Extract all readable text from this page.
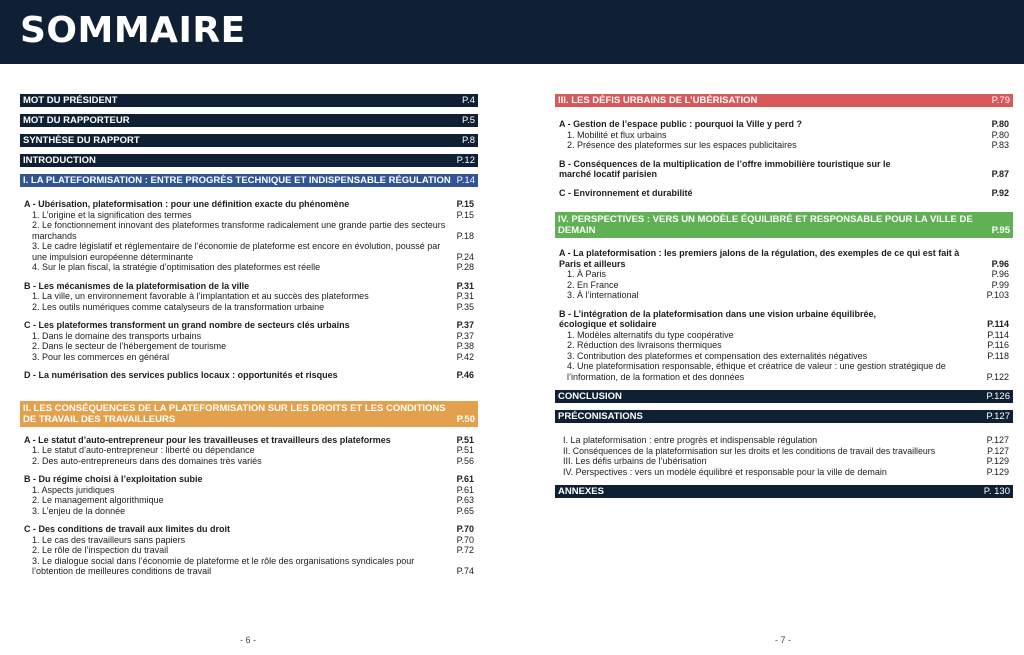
SOMMAIRE
MOT DU PRÉSIDENT	P.4
MOT DU RAPPORTEUR	P.5
SYNTHÈSE DU RAPPORT	P.8
INTRODUCTION	P.12
I. LA PLATEFORMISATION : ENTRE PROGRÈS TECHNIQUE ET INDISPENSABLE RÉGULATION P.14
A - Ubérisation, plateformisation : pour une définition exacte du phénomène	P.15
1. L’origine et la signification des termes	P.15
2. Le fonctionnement innovant des plateformes transforme radicalement une grande partie des secteurs marchands	P.18
3. Le cadre législatif et réglementaire de l’économie de plateforme est encore en évolution, poussé par une impulsion européenne déterminante	P.24
4. Sur le plan fiscal, la stratégie d’optimisation des plateformes est réelle	P.28
B - Les mécanismes de la plateformisation de la ville	P.31
1. La ville, un environnement favorable à l’implantation et au succès des plateformes	P.31
2. Les outils numériques comme catalyseurs de la transformation urbaine	P.35
C - Les plateformes transforment un grand nombre de secteurs clés urbains	P.37
1. Dans le domaine des transports urbains	P.37
2. Dans le secteur de l’hébergement de tourisme	P.38
3. Pour les commerces en général	P.42
D - La numérisation des services publics locaux : opportunités et risques	P.46
II. LES CONSÉQUENCES DE LA PLATEFORMISATION SUR LES DROITS ET LES CONDITIONS DE TRAVAIL DES TRAVAILLEURS	P.50
A - Le statut d’auto-entrepreneur pour les travailleuses et travailleurs des plateformes	P.51
1. Le statut d’auto-entrepreneur : liberté ou dépendance	P.51
2. Des auto-entrepreneurs dans des domaines très variés	P.56
B - Du régime choisi à l’exploitation subie	P.61
1. Aspects juridiques	P.61
2. Le management algorithmique	P.63
3. L’enjeu de la donnée	P.65
C - Des conditions de travail aux limites du droit	P.70
1. Le cas des travailleurs sans papiers	P.70
2. Le rôle de l’inspection du travail	P.72
3. Le dialogue social dans l’économie de plateforme et le rôle des organisations syndicales pour l’obtention de meilleures conditions de travail	P.74
III. LES DÉFIS URBAINS DE L’UBÉRISATION	P.79
A - Gestion de l’espace public : pourquoi la Ville y perd ?	P.80
1. Mobilité et flux urbains	P.80
2. Présence des plateformes sur les espaces publicitaires	P.83
B - Conséquences de la multiplication de l’offre immobilière touristique sur le marché locatif parisien	P.87
C - Environnement et durabilité	P.92
IV. PERSPECTIVES : VERS UN MODÈLE ÉQUILIBRÉ ET RESPONSABLE POUR LA VILLE DE DEMAIN	P.95
A - La plateformisation : les premiers jalons de la régulation, des exemples de ce qui est fait à Paris et ailleurs	P.96
1. À Paris	P.96
2. En France	P.99
3. À l’international	P.103
B - L’intégration de la plateformisation dans une vision urbaine équilibrée, écologique et solidaire	P.114
1. Modèles alternatifs du type coopérative	P.114
2. Réduction des livraisons thermiques	P.116
3. Contribution des plateformes et compensation des externalités négatives	P.118
4. Une plateformisation responsable, éthique et créatrice de valeur : une gestion stratégique de l’information, de la formation et des données	P.122
CONCLUSION	P.126
PRÉCONISATIONS	P.127
I. La plateformisation : entre progrès et indispensable régulation	P.127
II. Conséquences de la plateformisation sur les droits et les conditions de travail des travailleurs	P.127
III. Les défis urbains de l’ubérisation	P.129
IV. Perspectives : vers un modèle équilibré et responsable pour la ville de demain	P.129
ANNEXES	P. 130
- 6 -	- 7 -
